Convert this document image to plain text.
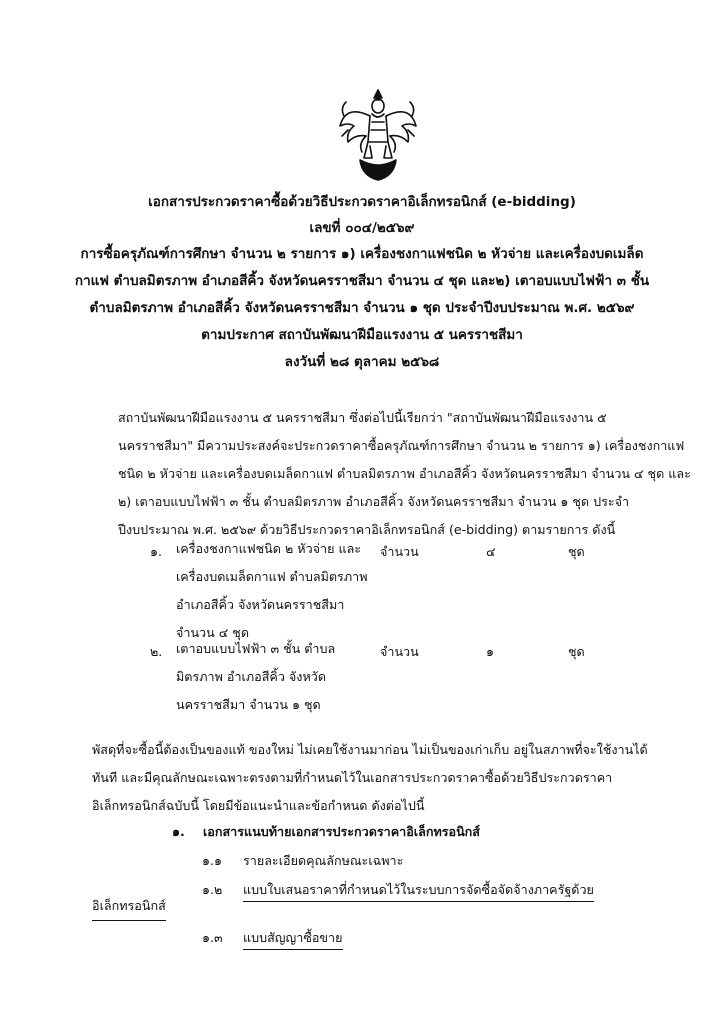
เอกสารประกวดราคาซื้อด้วยวิธีประกวดราคาอิเล็กทรอนิกส์ (e-bidding)
เลขที่ ๐๐๔/๒๕๖๙
การซื้อครุภัณฑ์การศึกษา จำนวน ๒ รายการ ๑) เครื่องชงกาแฟชนิด ๒ หัวจ่าย และเครื่องบดเมล็ด
กาแฟ ตำบลมิตรภาพ อำเภอสีคิ้ว จังหวัดนครราชสีมา จำนวน ๔ ชุด และ๒) เตาอบแบบไฟฟ้า ๓ ชั้น
ตำบลมิตรภาพ อำเภอสีคิ้ว จังหวัดนครราชสีมา จำนวน ๑ ชุด ประจำปีงบประมาณ พ.ศ. ๒๕๖๙
ตามประกาศ สถาบันพัฒนาฝีมือแรงงาน ๕ นครราชสีมา
ลงวันที่ ๒๘ ตุลาคม ๒๕๖๘
สถาบันพัฒนาฝีมือแรงงาน ๕ นครราชสีมา ซึ่งต่อไปนี้เรียกว่า "สถาบันพัฒนาฝีมือแรงงาน ๕
นครราชสีมา" มีความประสงค์จะประกวดราคาซื้อครุภัณฑ์การศึกษา จำนวน ๒ รายการ ๑) เครื่องชงกาแฟ
ชนิด ๒ หัวจ่าย และเครื่องบดเมล็ดกาแฟ ตำบลมิตรภาพ อำเภอสีคิ้ว จังหวัดนครราชสีมา จำนวน ๔ ชุด และ
๒) เตาอบแบบไฟฟ้า ๓ ชั้น ตำบลมิตรภาพ อำเภอสีคิ้ว จังหวัดนครราชสีมา จำนวน ๑ ชุด ประจำ
ปีงบประมาณ พ.ศ. ๒๕๖๙ ด้วยวิธีประกวดราคาอิเล็กทรอนิกส์ (e-bidding) ตามรายการ ดังนี้
๑. เครื่องชงกาแฟชนิด ๒ หัวจ่าย และ
เครื่องบดเมล็ดกาแฟ ตำบลมิตรภาพ
อำเภอสีคิ้ว จังหวัดนครราชสีมา
จำนวน ๔ ชุด
จำนวน	๔	ชุด
๒. เตาอบแบบไฟฟ้า ๓ ชั้น ตำบล
มิตรภาพ อำเภอสีคิ้ว จังหวัด
นครราชสีมา จำนวน ๑ ชุด
จำนวน	๑	ชุด
พัสดุที่จะซื้อนี้ต้องเป็นของแท้ ของใหม่ ไม่เคยใช้งานมาก่อน ไม่เป็นของเก่าเก็บ อยู่ในสภาพที่จะใช้งานได้
ทันที และมีคุณลักษณะเฉพาะตรงตามที่กำหนดไว้ในเอกสารประกวดราคาซื้อด้วยวิธีประกวดราคา
อิเล็กทรอนิกส์ฉบับนี้ โดยมีข้อแนะนำและข้อกำหนด ดังต่อไปนี้
๑. เอกสารแนบท้ายเอกสารประกวดราคาอิเล็กทรอนิกส์
๑.๑ รายละเอียดคุณลักษณะเฉพาะ
๑.๒ แบบใบเสนอราคาที่กำหนดไว้ในระบบการจัดซื้อจัดจ้างภาครัฐด้วย
อิเล็กทรอนิกส์
๑.๓ แบบสัญญาซื้อขาย
